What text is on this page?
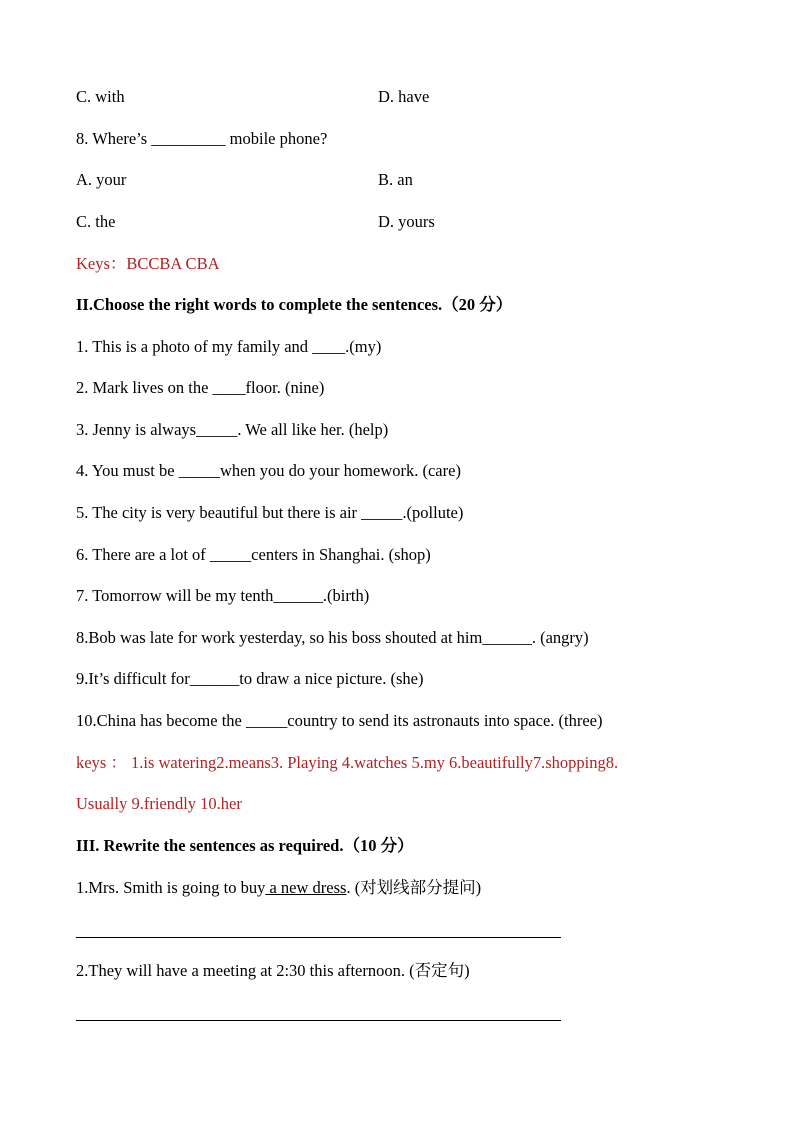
C. with	D. have
8. Where’s _________ mobile phone?
A. your	B. an
C. the	D. yours
Keys：BCCBA CBA
II.Choose the right words to complete the sentences.（20 分）
1. This is a photo of my family and ____.(my)
2. Mark lives on the ____floor. (nine)
3. Jenny is always_____. We all like her. (help)
4. You must be _____when you do your homework. (care)
5. The city is very beautiful but there is air _____.(pollute)
6. There are a lot of _____centers in Shanghai. (shop)
7. Tomorrow will be my tenth______.(birth)
8.Bob was late for work yesterday, so his boss shouted at him______. (angry)
9.It’s difficult for______to draw a nice picture. (she)
10.China has become the _____country to send its astronauts into space. (three)
keys ： 1.is watering2.means3. Playing 4.watches 5.my 6.beautifully7.shopping8.
Usually 9.friendly 10.her
III. Rewrite the sentences as required.（10 分）
1.Mrs. Smith is going to buy a new dress. (对划线部分提问)
2.They will have a meeting at 2:30 this afternoon. (否定句)
